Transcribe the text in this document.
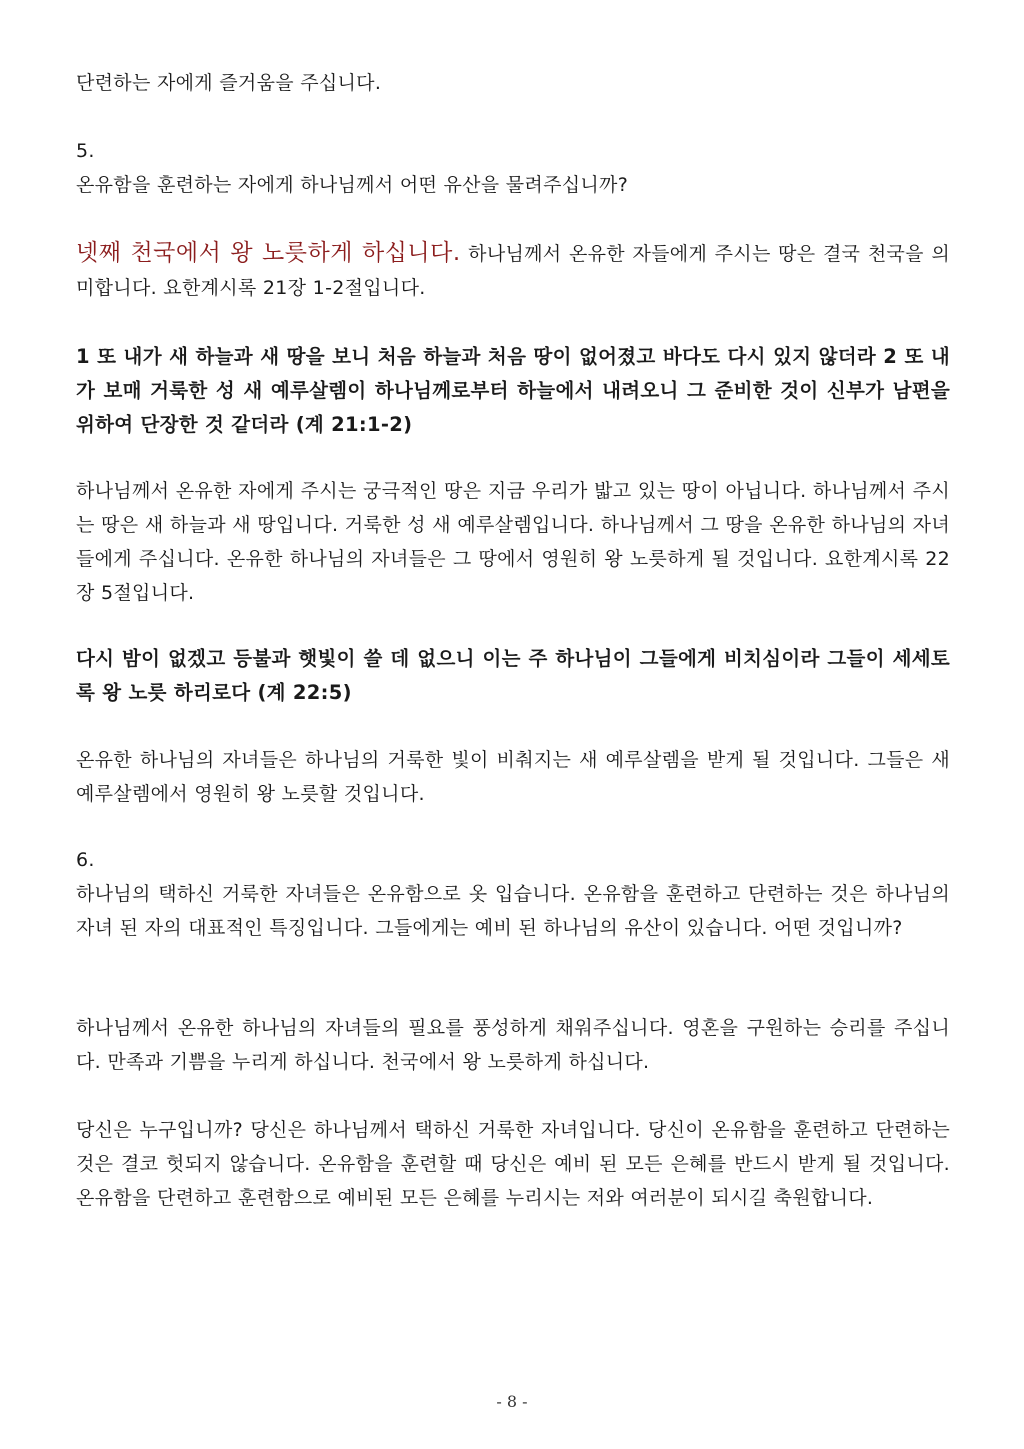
단련하는 자에게 즐거움을 주십니다.

5.

온유함을 훈련하는 자에게 하나님께서 어떤 유산을 물려주십니까?

넷째 천국에서 왕 노릇하게 하십니다. 하나님께서 온유한 자들에게 주시는 땅은 결국 천국을 의미합니다. 요한계시록 21장 1-2절입니다.

1 또 내가 새 하늘과 새 땅을 보니 처음 하늘과 처음 땅이 없어졌고 바다도 다시 있지 않더라 2 또 내가 보매 거룩한 성 새 예루살렘이 하나님께로부터 하늘에서 내려오니 그 준비한 것이 신부가 남편을 위하여 단장한 것 같더라 (계 21:1-2)

하나님께서 온유한 자에게 주시는 궁극적인 땅은 지금 우리가 밟고 있는 땅이 아닙니다. 하나님께서 주시는 땅은 새 하늘과 새 땅입니다. 거룩한 성 새 예루살렘입니다. 하나님께서 그 땅을 온유한 하나님의 자녀들에게 주십니다. 온유한 하나님의 자녀들은 그 땅에서 영원히 왕 노릇하게 될 것입니다. 요한계시록 22장 5절입니다.

다시 밤이 없겠고 등불과 햇빛이 쓸 데 없으니 이는 주 하나님이 그들에게 비치심이라 그들이 세세토록 왕 노릇 하리로다 (계 22:5)

온유한 하나님의 자녀들은 하나님의 거룩한 빛이 비춰지는 새 예루살렘을 받게 될 것입니다. 그들은 새 예루살렘에서 영원히 왕 노릇할 것입니다.

6.

하나님의 택하신 거룩한 자녀들은 온유함으로 옷 입습니다. 온유함을 훈련하고 단련하는 것은 하나님의 자녀 된 자의 대표적인 특징입니다. 그들에게는 예비 된 하나님의 유산이 있습니다. 어떤 것입니까?

하나님께서 온유한 하나님의 자녀들의 필요를 풍성하게 채워주십니다. 영혼을 구원하는 승리를 주십니다. 만족과 기쁨을 누리게 하십니다. 천국에서 왕 노릇하게 하십니다.

당신은 누구입니까? 당신은 하나님께서 택하신 거룩한 자녀입니다. 당신이 온유함을 훈련하고 단련하는 것은 결코 헛되지 않습니다. 온유함을 훈련할 때 당신은 예비 된 모든 은혜를 반드시 받게 될 것입니다. 온유함을 단련하고 훈련함으로 예비된 모든 은혜를 누리시는 저와 여러분이 되시길 축원합니다.

- 8 -
